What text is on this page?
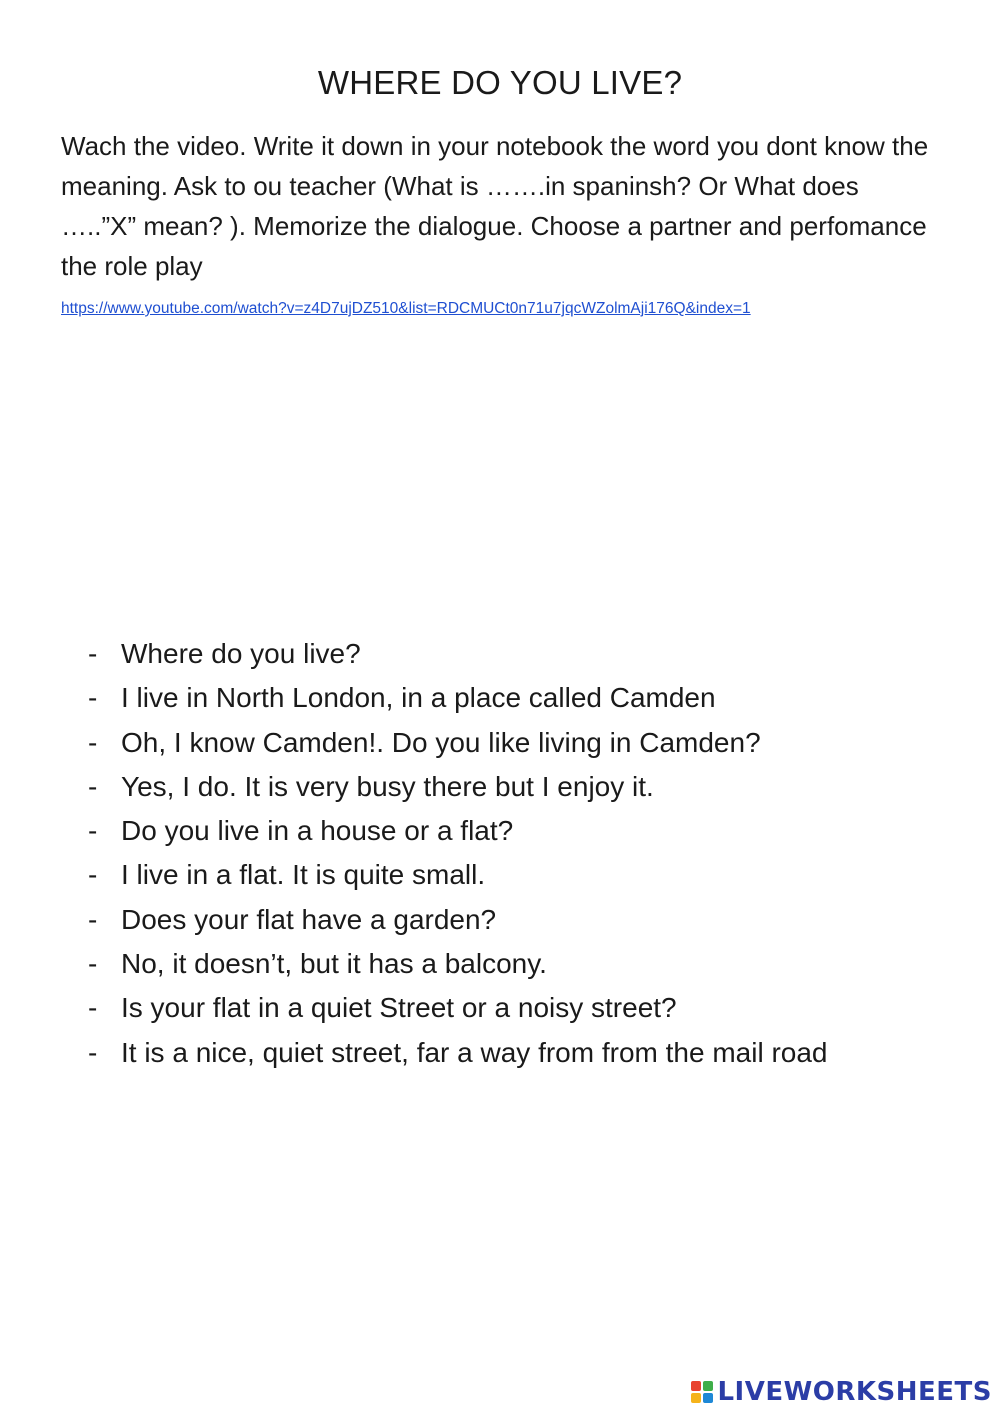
WHERE DO YOU LIVE?
Wach the video. Write it down in your notebook the word you dont know the meaning. Ask to ou teacher (What is …….in spaninsh? Or What does …..”X” mean? ). Memorize the dialogue. Choose a partner and perfomance the role play
https://www.youtube.com/watch?v=z4D7ujDZ510&list=RDCMUCt0n71u7jqcWZolmAji176Q&index=1
- Where do you live?
- I live in North London, in a place called Camden
- Oh, I know Camden!. Do you like living in Camden?
- Yes, I do. It is very busy there but I enjoy it.
- Do you live in a house or a flat?
- I live in a flat. It is quite small.
- Does your flat have a garden?
- No, it doesn’t, but it has a balcony.
- Is your flat in a quiet Street or a noisy street?
- It is a nice, quiet street, far a way from from the mail road
LIVEWORKSHEETS
